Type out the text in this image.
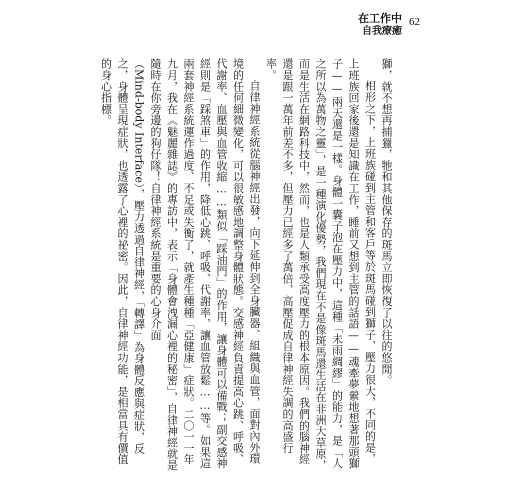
在工作中
自我療癒
62

獅，就不想再捕獵，牠和其他保存的斑馬立即恢復了以往的悠閒。

相形之下，上班族碰到主管和客戶等於斑馬碰到獅子，壓力很大，不同的是，上班族回家後還是知識在工作，睡前又想到主管的話語——魂牽夢縈地想著那頭獅子——兩天還是一樣。身體一囊子泡在壓力中，這種「未雨綢繆」的能力，是「人之所以為萬物之靈」，是一種演化優勢，我們現在不是像斑馬還生活在非洲大草原，而是生活在網路科技中，然而，也是人類承受高度壓力的根本原因。我們的腦神經還是跟一萬年前差不多，但壓力已經多了萬倍，高壓促成自律神經失調的高盛行率。

自律神經系統從腦神經出發，向下延伸到全身臟器、組織與血管，面對內外環境的任何細微變化，可以很敏感地調整身體狀態。交感神經負責提高心跳、呼吸、代謝率、血壓與血管收縮……類似「踩油門」的作用，讓身體可以備戰；副交感神經則是「踩煞車」的作用，降低心跳、呼吸、代謝率，讓血管放鬆……等。如果這兩套神經系統運作過度、不足或失衡了，就產生種種「亞健康」症狀。二〇一一年九月，我在《魅麗雜誌》的專訪中，表示「身體會洩漏心裡的秘密」，自律神經就是隨時在你旁邊的狗仔隊！自律神經系統是重要的心身介面

（Mind-body Interface），壓力透過自律神經，「轉譯」為身體反應與症狀，反之，身體呈現症狀，也透露了心裡的祕密。因此，自律神經功能，是相當具有價值的身心指標。
